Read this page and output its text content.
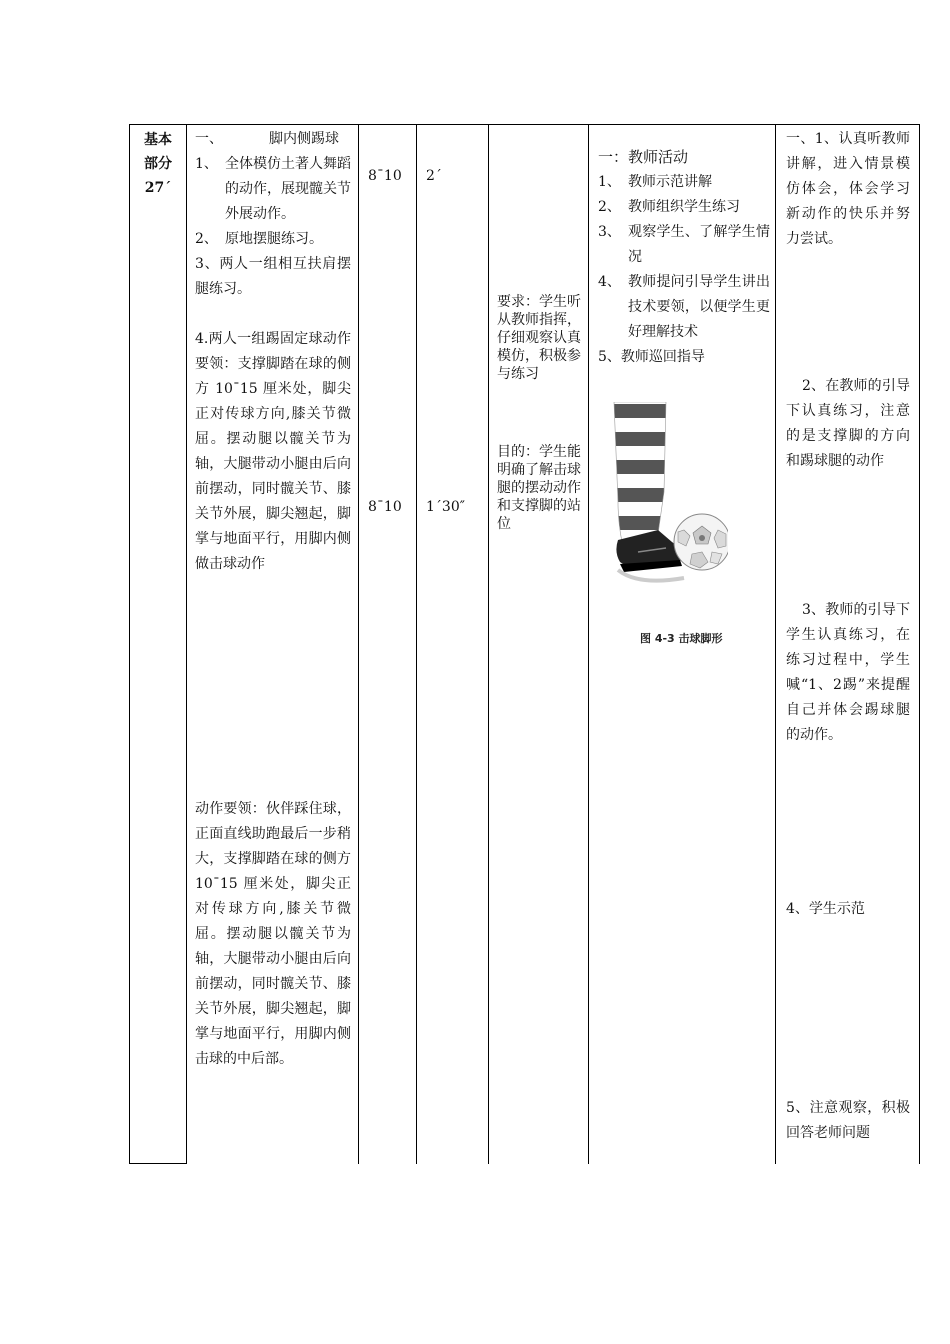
基本

部分

27´

一、	脚内侧踢球

1、 全体模仿土著人舞蹈的动作，展现髋关节外展动作。

2、 原地摆腿练习。

3、两人一组相互扶肩摆腿练习。

4.两人一组踢固定球动作要领：支撑脚踏在球的侧方 10¯15 厘米处，脚尖正对传球方向,膝关节微屈。摆动腿以髋关节为轴，大腿带动小腿由后向前摆动，同时髋关节、膝关节外展，脚尖翘起，脚掌与地面平行，用脚内侧做击球动作

动作要领：伙伴踩住球，正面直线助跑最后一步稍大，支撑脚踏在球的侧方 10¯15 厘米处，脚尖正对传球方向,膝关节微屈。摆动腿以髋关节为轴，大腿带动小腿由后向前摆动，同时髋关节、膝关节外展，脚尖翘起，脚掌与地面平行，用脚内侧击球的中后部。

8¯10
8¯10
2´
1´30″
要求：学生听从教师指挥，仔细观察认真模仿，积极参与练习
目的：学生能明确了解击球腿的摆动动作和支撑脚的站位

一：教师活动

1、 教师示范讲解

2、 教师组织学生练习

3、 观察学生、了解学生情况

4、 教师提问引导学生讲出技术要领，以便学生更好理解技术

5、教师巡回指导

图 4-3 击球脚形
一、1、认真听教师讲解，进入情景模仿体会，体会学习新动作的快乐并努力尝试。
2、在教师的引导下认真练习，注意的是支撑脚的方向和踢球腿的动作
3、教师的引导下学生认真练习，在练习过程中，学生喊“1、2踢”来提醒自己并体会踢球腿的动作。
4、学生示范
5、注意观察，积极回答老师问题
